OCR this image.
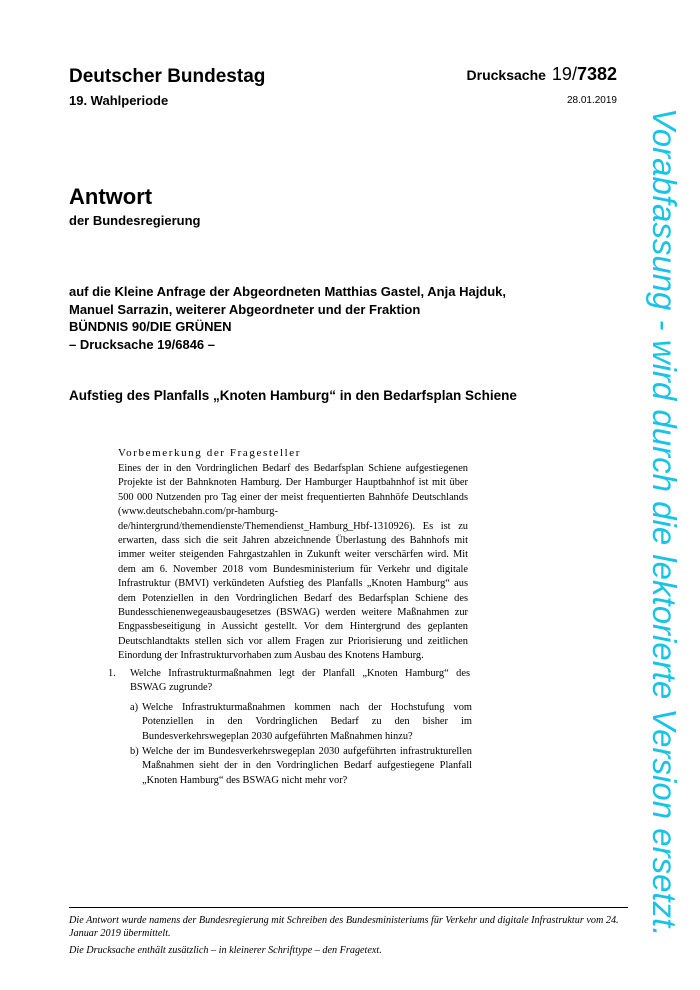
Deutscher Bundestag
19. Wahlperiode
Drucksache 19/7382
28.01.2019
Antwort
der Bundesregierung
auf die Kleine Anfrage der Abgeordneten Matthias Gastel, Anja Hajduk,
Manuel Sarrazin, weiterer Abgeordneter und der Fraktion
BÜNDNIS 90/DIE GRÜNEN
– Drucksache 19/6846 –
Aufstieg des Planfalls „Knoten Hamburg“ in den Bedarfsplan Schiene
Vorbemerkung der Fragesteller
Eines der in den Vordringlichen Bedarf des Bedarfsplan Schiene aufgestiegenen Projekte ist der Bahnknoten Hamburg. Der Hamburger Hauptbahnhof ist mit über 500 000 Nutzenden pro Tag einer der meist frequentierten Bahnhöfe Deutschlands (www.deutschebahn.com/pr-hamburg-de/hintergrund/themendienste/Themendienst_Hamburg_Hbf-1310926). Es ist zu erwarten, dass sich die seit Jahren abzeichnende Überlastung des Bahnhofs mit immer weiter steigenden Fahrgastzahlen in Zukunft weiter verschärfen wird. Mit dem am 6. November 2018 vom Bundesministerium für Verkehr und digitale Infrastruktur (BMVI) verkündeten Aufstieg des Planfalls „Knoten Hamburg“ aus dem Potenziellen in den Vordringlichen Bedarf des Bedarfsplan Schiene des Bundesschienenwegeausbaugesetzes (BSWAG) werden weitere Maßnahmen zur Engpassbeseitigung in Aussicht gestellt. Vor dem Hintergrund des geplanten Deutschlandtakts stellen sich vor allem Fragen zur Priorisierung und zeitlichen Einordung der Infrastrukturvorhaben zum Ausbau des Knotens Hamburg.
1. Welche Infrastrukturmaßnahmen legt der Planfall „Knoten Hamburg“ des BSWAG zugrunde?
a) Welche Infrastrukturmaßnahmen kommen nach der Hochstufung vom Potenziellen in den Vordringlichen Bedarf zu den bisher im Bundesverkehrswegeplan 2030 aufgeführten Maßnahmen hinzu?
b) Welche der im Bundesverkehrswegeplan 2030 aufgeführten infrastrukturellen Maßnahmen sieht der in den Vordringlichen Bedarf aufgestiegene Planfall „Knoten Hamburg“ des BSWAG nicht mehr vor?
Die Antwort wurde namens der Bundesregierung mit Schreiben des Bundesministeriums für Verkehr und digitale Infrastruktur vom 24. Januar 2019 übermittelt.
Die Drucksache enthält zusätzlich – in kleinerer Schrifttype – den Fragetext.
Vorabfassung - wird durch die lektorierte Version ersetzt.
